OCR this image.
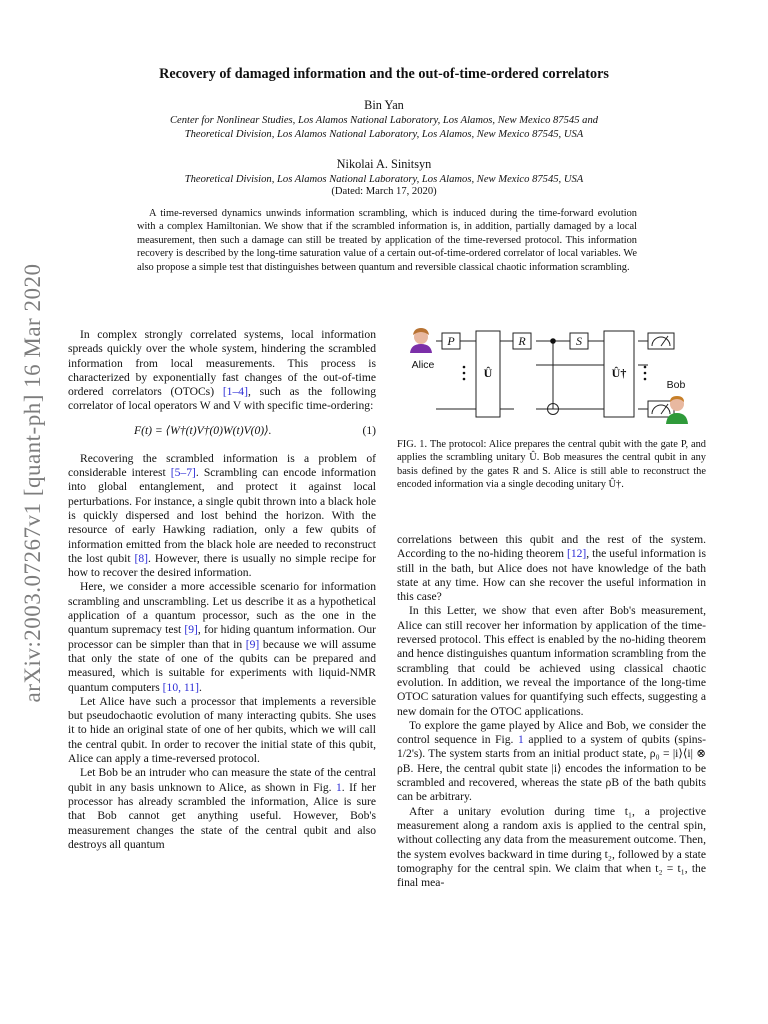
arXiv:2003.07267v1 [quant-ph] 16 Mar 2020
Recovery of damaged information and the out-of-time-ordered correlators
Bin Yan
Center for Nonlinear Studies, Los Alamos National Laboratory, Los Alamos, New Mexico 87545 and
Theoretical Division, Los Alamos National Laboratory, Los Alamos, New Mexico 87545, USA
Nikolai A. Sinitsyn
Theoretical Division, Los Alamos National Laboratory, Los Alamos, New Mexico 87545, USA
(Dated: March 17, 2020)

A time-reversed dynamics unwinds information scrambling, which is induced during the time-forward evolution with a complex Hamiltonian. We show that if the scrambled information is, in addition, partially damaged by a local measurement, then such a damage can still be treated by application of the time-reversed protocol. This information recovery is described by the long-time saturation value of a certain out-of-time-ordered correlator of local variables. We also propose a simple test that distinguishes between quantum and reversible classical chaotic information scrambling.

In complex strongly correlated systems, local information spreads quickly over the whole system, hindering the scrambled information from local measurements. This process is characterized by exponentially fast changes of the out-of-time ordered correlators (OTOCs) [1–4], such as the following correlator of local operators W and V with specific time-ordering:

F(t) = ⟨W†(t)V†(0)W(t)V(0)⟩.	(1)

Recovering the scrambled information is a problem of considerable interest [5–7]. Scrambling can encode information into global entanglement, and protect it against local perturbations. For instance, a single qubit thrown into a black hole is quickly dispersed and lost behind the horizon. With the resource of early Hawking radiation, only a few qubits of information emitted from the black hole are needed to reconstruct the lost qubit [8]. However, there is usually no simple recipe for how to recover the desired information.

Here, we consider a more accessible scenario for information scrambling and unscrambling. Let us describe it as a hypothetical application of a quantum processor, such as the one in the quantum supremacy test [9], for hiding quantum information. Our processor can be simpler than that in [9] because we will assume that only the state of one of the qubits can be prepared and measured, which is suitable for experiments with liquid-NMR quantum computers [10, 11].

Let Alice have such a processor that implements a reversible but pseudochaotic evolution of many interacting qubits. She uses it to hide an original state of one of her qubits, which we will call the central qubit. In order to recover the initial state of this qubit, Alice can apply a time-reversed protocol.

Let Bob be an intruder who can measure the state of the central qubit in any basis unknown to Alice, as shown in Fig. 1. If her processor has already scrambled the information, Alice is sure that Bob cannot get anything useful. However, Bob's measurement changes the state of the central qubit and also destroys all quantum

P	R	S
Û	Û†
Alice
Bob

FIG. 1. The protocol: Alice prepares the central qubit with the gate P, and applies the scrambling unitary Û. Bob measures the central qubit in any basis defined by the gates R and S. Alice is still able to reconstruct the encoded information via a single decoding unitary Û†.

correlations between this qubit and the rest of the system. According to the no-hiding theorem [12], the useful information is still in the bath, but Alice does not have knowledge of the bath state at any time. How can she recover the useful information in this case?

In this Letter, we show that even after Bob's measurement, Alice can still recover her information by application of the time-reversed protocol. This effect is enabled by the no-hiding theorem and hence distinguishes quantum information scrambling from the scrambling that could be achieved using classical chaotic evolution. In addition, we reveal the importance of the long-time OTOC saturation values for quantifying such effects, suggesting a new domain for the OTOC applications.

To explore the game played by Alice and Bob, we consider the control sequence in Fig. 1 applied to a system of qubits (spins-1/2's). The system starts from an initial product state, ρ₀ = |i⟩⟨i| ⊗ ρB. Here, the central qubit state |i⟩ encodes the information to be scrambled and recovered, whereas the state ρB of the bath qubits can be arbitrary.

After a unitary evolution during time t₁, a projective measurement along a random axis is applied to the central spin, without collecting any data from the measurement outcome. Then, the system evolves backward in time during t₂, followed by a state tomography for the central spin. We claim that when t₂ = t₁, the final mea-
